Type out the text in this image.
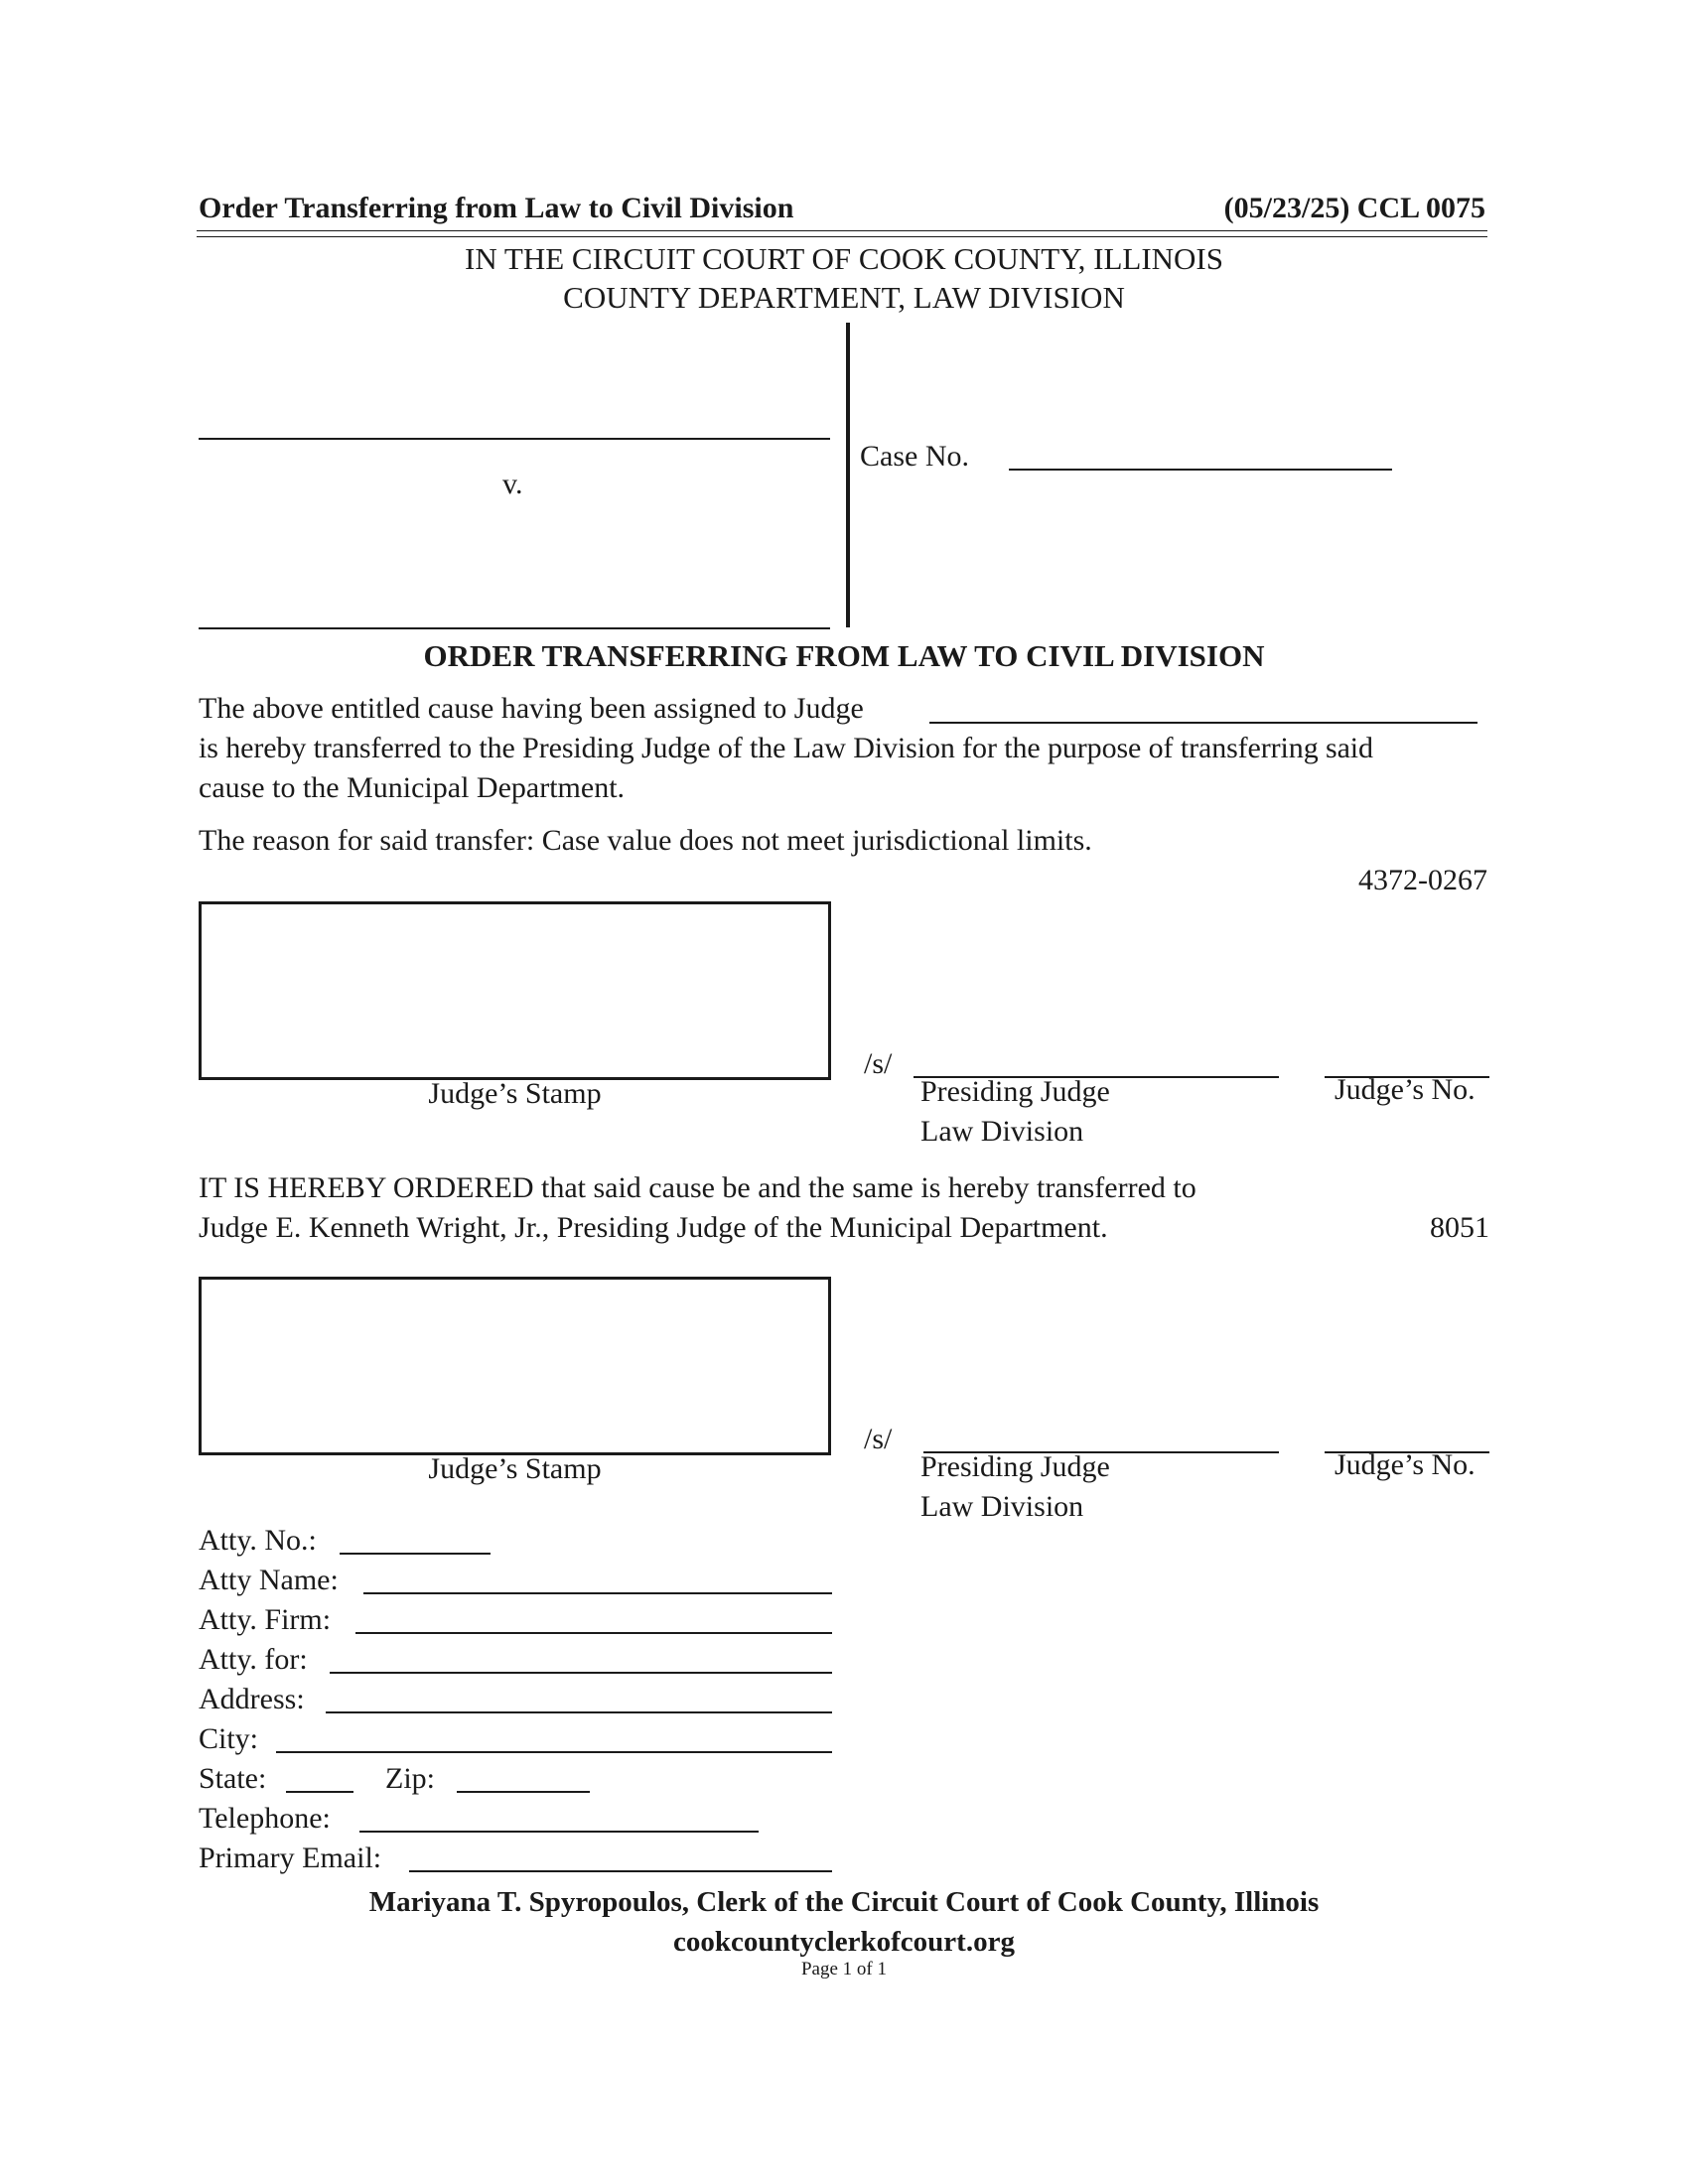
Order Transferring from Law to Civil Division	(05/23/25) CCL 0075
IN THE CIRCUIT COURT OF COOK COUNTY, ILLINOIS
COUNTY DEPARTMENT, LAW DIVISION
v.
Case No.
ORDER TRANSFERRING FROM LAW TO CIVIL DIVISION
The above entitled cause having been assigned to Judge
is hereby transferred to the Presiding Judge of the Law Division for the purpose of transferring said
cause to the Municipal Department.
The reason for said transfer: Case value does not meet jurisdictional limits.
4372-0267
Judge’s Stamp
/s/
Presiding Judge
Law Division
Judge’s No.
IT IS HEREBY ORDERED that said cause be and the same is hereby transferred to
Judge E. Kenneth Wright, Jr., Presiding Judge of the Municipal Department.	8051
Judge’s Stamp
/s/
Presiding Judge
Law Division
Judge’s No.
Atty. No.:
Atty Name:
Atty. Firm:
Atty. for:
Address:
City:
State:	Zip:
Telephone:
Primary Email:
Mariyana T. Spyropoulos, Clerk of the Circuit Court of Cook County, Illinois
cookcountyclerkofcourt.org
Page 1 of 1
